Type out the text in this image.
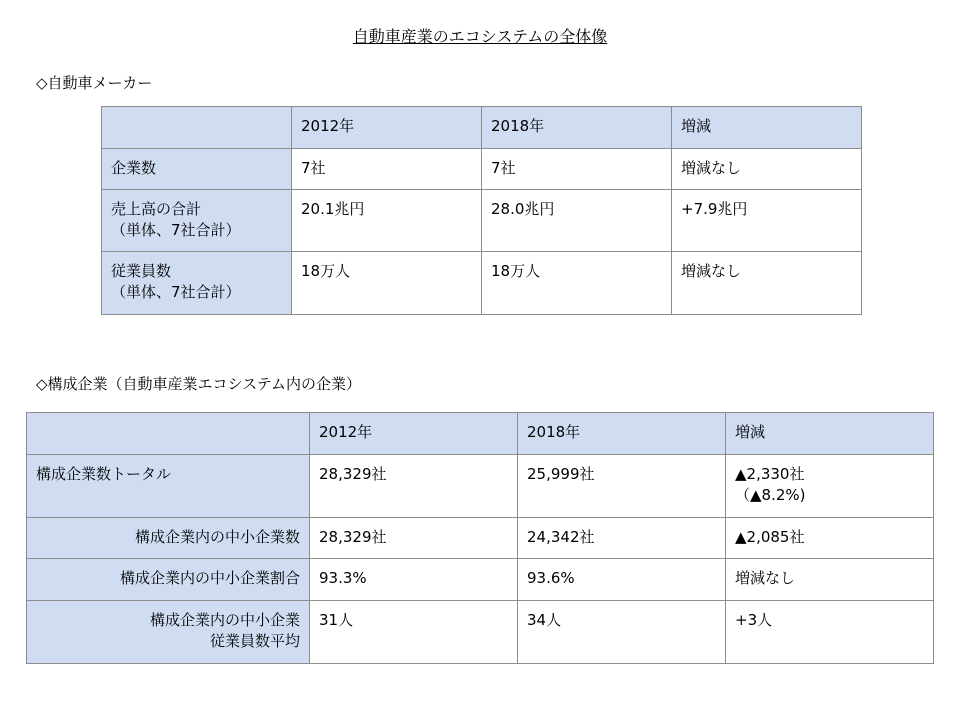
自動車産業のエコシステムの全体像
◇自動車メーカー
	2012年	2018年	増減
企業数	7社	7社	増減なし
売上高の合計
（単体、7社合計）	20.1兆円	28.0兆円	+7.9兆円
従業員数
（単体、7社合計）	18万人	18万人	増減なし
◇構成企業（自動車産業エコシステム内の企業）
	2012年	2018年	増減
構成企業数トータル	28,329社	25,999社	▲2,330社
（▲8.2%)
構成企業内の中小企業数	28,329社	24,342社	▲2,085社
構成企業内の中小企業割合	93.3%	93.6%	増減なし
構成企業内の中小企業
従業員数平均	31人	34人	+3人
